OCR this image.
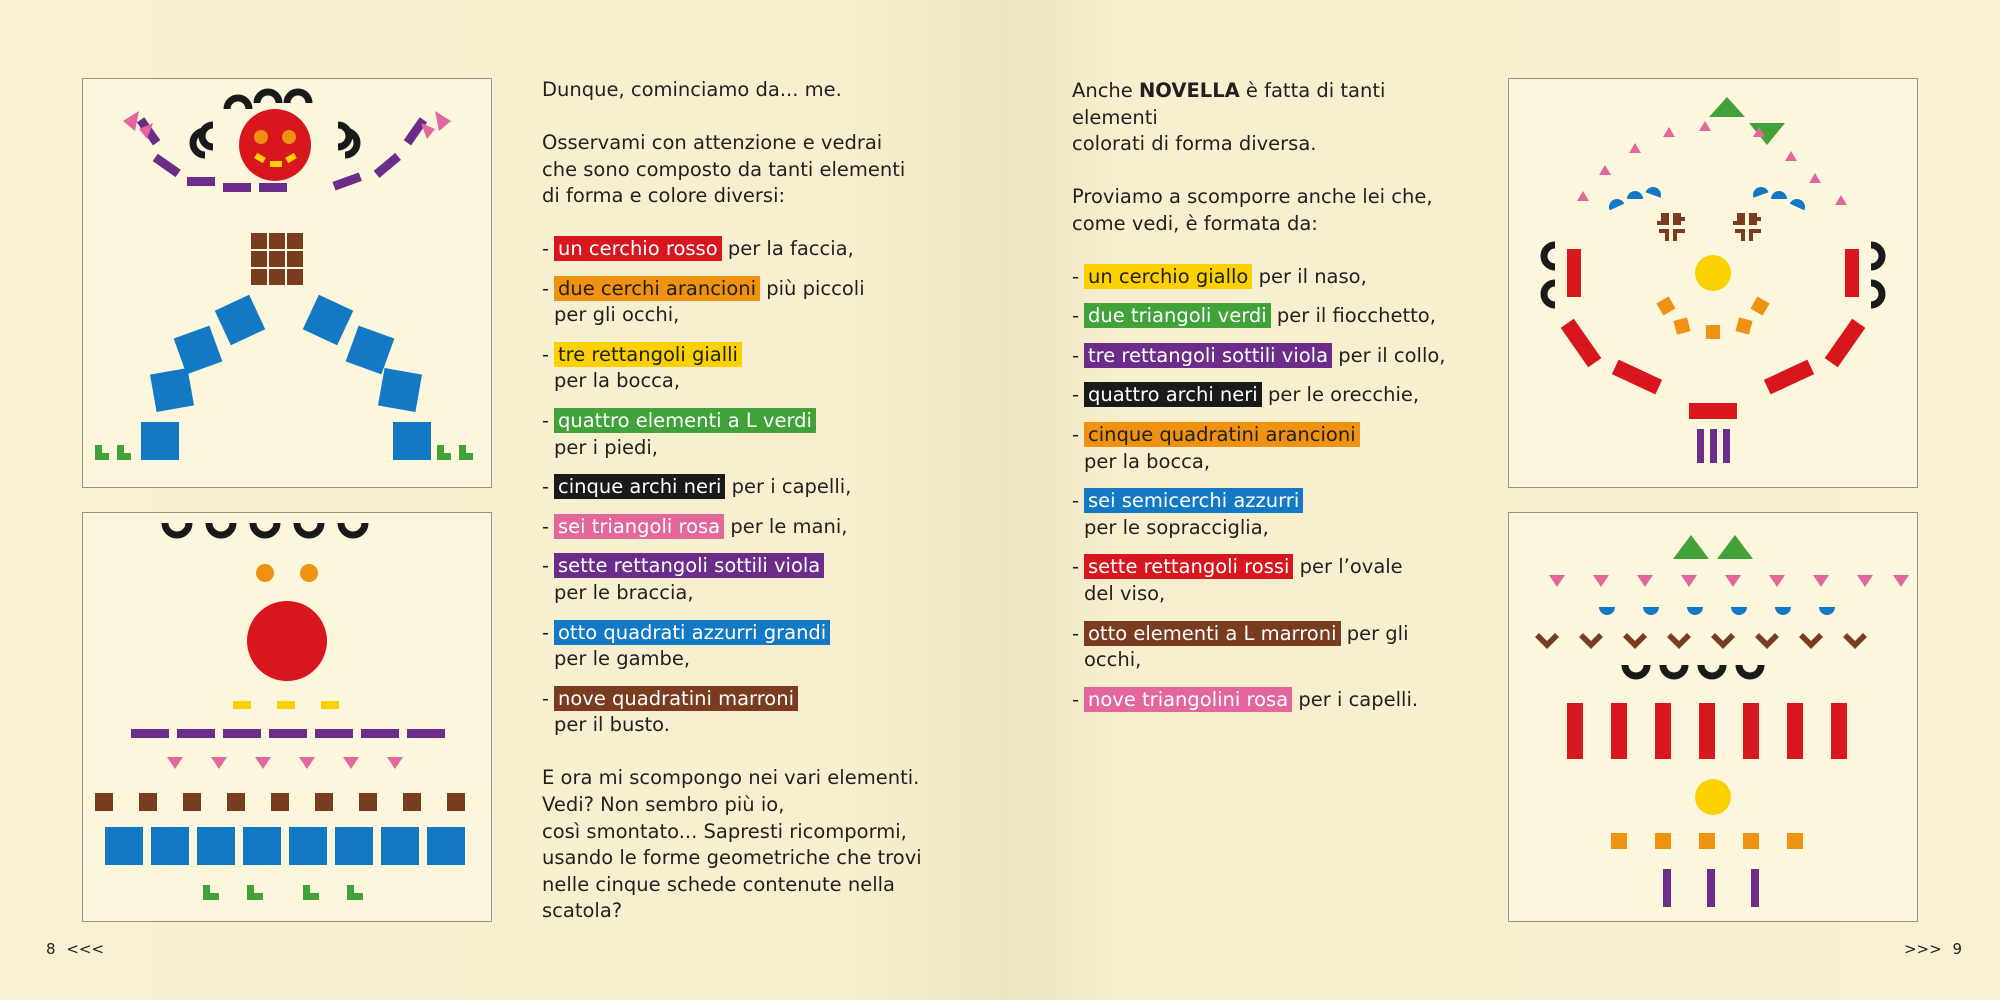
Dunque, cominciamo da... me.

Osservami con attenzione e vedrai

che sono composto da tanti elementi

di forma e colore diversi:

- un cerchio rosso per la faccia,
- due cerchi arancioni più piccoli
per gli occhi,
- tre rettangoli gialli
per la bocca,
- quattro elementi a L verdi
per i piedi,
- cinque archi neri per i capelli,
- sei triangoli rosa per le mani,
- sette rettangoli sottili viola
per le braccia,
- otto quadrati azzurri grandi
per le gambe,
- nove quadratini marroni
per il busto.

E ora mi scompongo nei vari elementi.

Vedi? Non sembro più io,

così smontato... Sapresti ricompormi,

usando le forme geometriche che trovi

nelle cinque schede contenute nella

scatola?

8 <<<

Anche NOVELLA è fatta di tanti elementi

colorati di forma diversa.

Proviamo a scomporre anche lei che,

come vedi, è formata da:

- un cerchio giallo per il naso,
- due triangoli verdi per il fiocchetto,
- tre rettangoli sottili viola per il collo,
- quattro archi neri per le orecchie,
- cinque quadratini arancioni
per la bocca,
- sei semicerchi azzurri
per le sopracciglia,
- sette rettangoli rossi per l’ovale
del viso,
- otto elementi a L marroni per gli occhi,
- nove triangolini rosa per i capelli.
>>> 9
